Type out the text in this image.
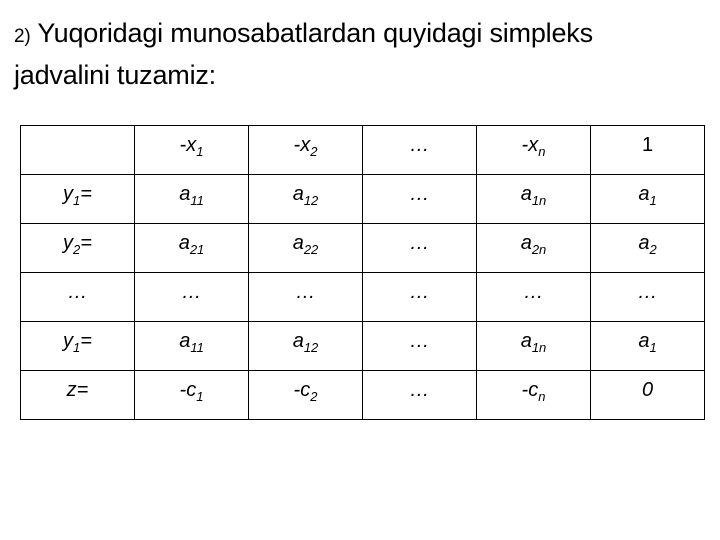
2) Yuqoridagi munosabatlardan quyidagi simpleks
jadvalini tuzamiz:
	$-x_1$	$-x_2$	…	$-x_n$	1
$y_1=$	$a_{11}$	$a_{12}$	…	$a_{1n}$	$a_1$
$y_2=$	$a_{21}$	$a_{22}$	…	$a_{2n}$	$a_2$
…	…	…	…	…	…
$y_1=$	$a_{11}$	$a_{12}$	…	$a_{1n}$	$a_1$
z=	$-c_1$	$-c_2$	…	$-c_n$	0
